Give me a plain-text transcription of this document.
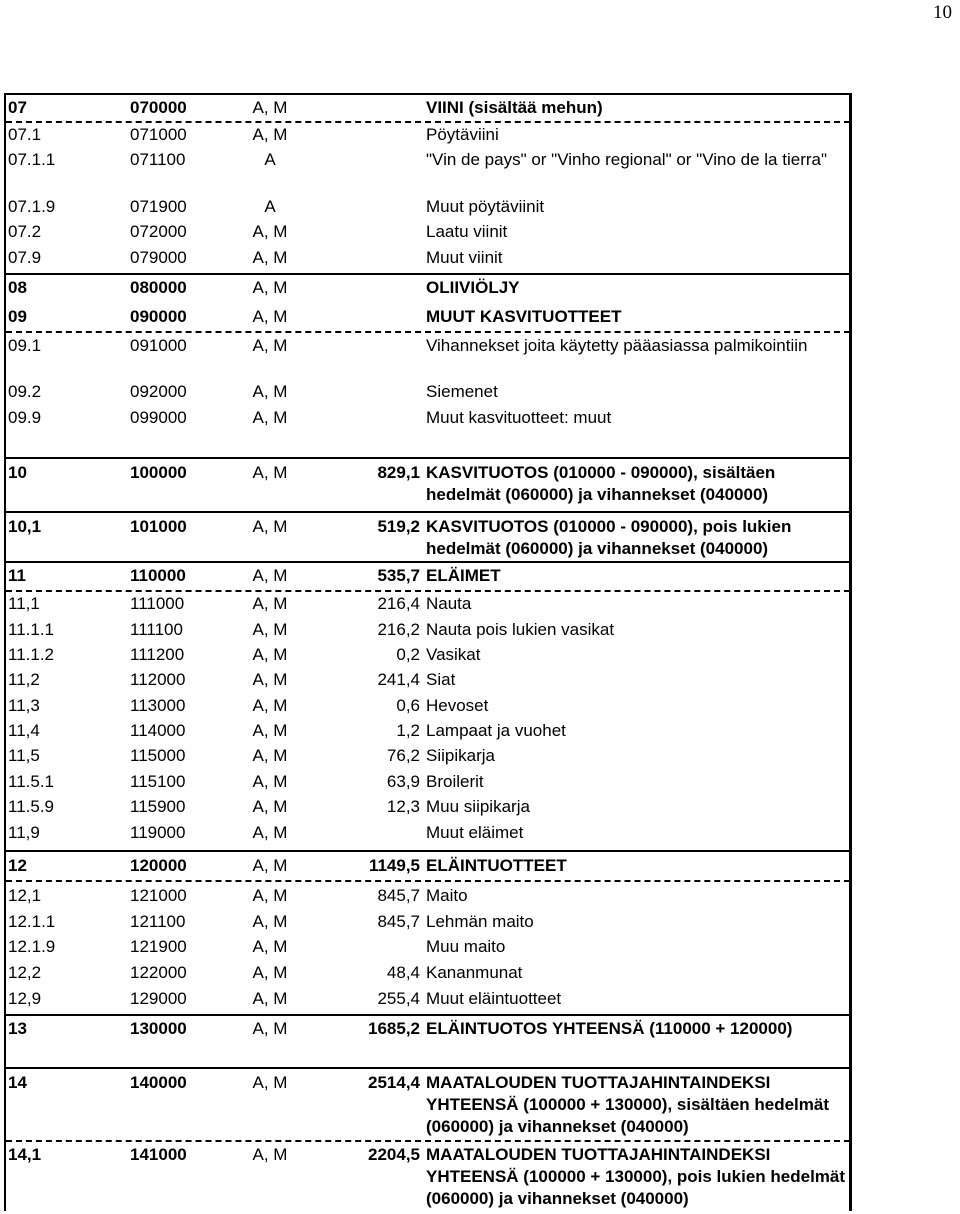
10
07	070000	A, M	VIINI (sisältää mehun)
07.1	071000	A, M	Pöytäviini
07.1.1	071100	A	"Vin de pays" or "Vinho regional" or "Vino de la tierra"
07.1.9	071900	A	Muut pöytäviinit
07.2	072000	A, M	Laatu viinit
07.9	079000	A, M	Muut viinit
08	080000	A, M	OLIIVIÖLJY
09	090000	A, M	MUUT KASVITUOTTEET
09.1	091000	A, M	Vihannekset joita käytetty pääasiassa palmikointiin
09.2	092000	A, M	Siemenet
09.9	099000	A, M	Muut kasvituotteet: muut
10	100000	A, M	829,1 KASVITUOTOS (010000 - 090000), sisältäen hedelmät (060000) ja vihannekset (040000)
10,1	101000	A, M	519,2 KASVITUOTOS (010000 - 090000), pois lukien hedelmät (060000) ja vihannekset (040000)
11	110000	A, M	535,7 ELÄIMET
11,1	111000	A, M	216,4 Nauta
11.1.1	111100	A, M	216,2 Nauta pois lukien vasikat
11.1.2	111200	A, M	0,2 Vasikat
11,2	112000	A, M	241,4 Siat
11,3	113000	A, M	0,6 Hevoset
11,4	114000	A, M	1,2 Lampaat ja vuohet
11,5	115000	A, M	76,2 Siipikarja
11.5.1	115100	A, M	63,9 Broilerit
11.5.9	115900	A, M	12,3 Muu siipikarja
11,9	119000	A, M	Muut eläimet
12	120000	A, M	1149,5 ELÄINTUOTTEET
12,1	121000	A, M	845,7 Maito
12.1.1	121100	A, M	845,7 Lehmän maito
12.1.9	121900	A, M	Muu maito
12,2	122000	A, M	48,4 Kananmunat
12,9	129000	A, M	255,4 Muut eläintuotteet
13	130000	A, M	1685,2 ELÄINTUOTOS YHTEENSÄ (110000 + 120000)
14	140000	A, M	2514,4 MAATALOUDEN TUOTTAJAHINTAINDEKSI YHTEENSÄ (100000 + 130000), sisältäen hedelmät (060000) ja vihannekset (040000)
14,1	141000	A, M	2204,5 MAATALOUDEN TUOTTAJAHINTAINDEKSI YHTEENSÄ (100000 + 130000), pois lukien hedelmät (060000) ja vihannekset (040000)
